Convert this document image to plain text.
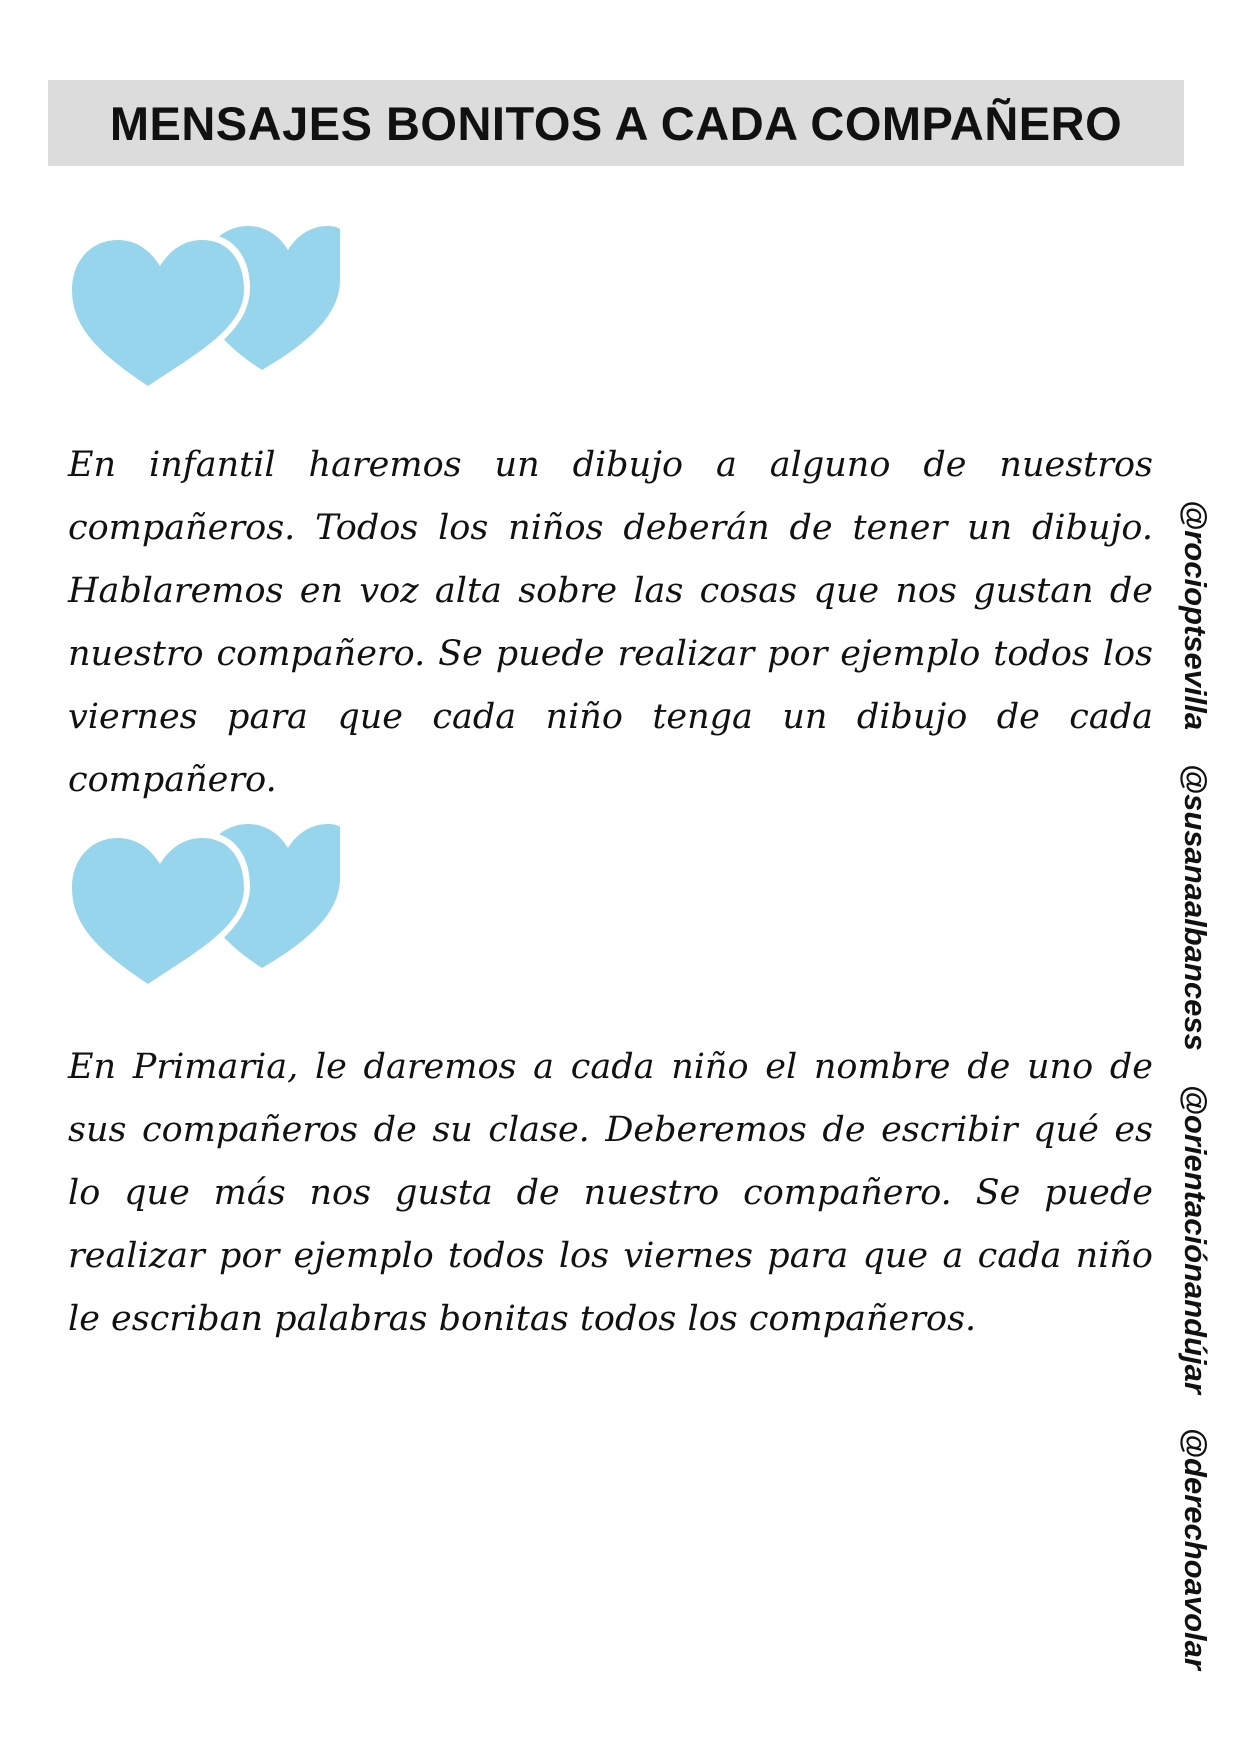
MENSAJES BONITOS A CADA COMPAÑERO

En infantil haremos un dibujo a alguno de nuestros compañeros. Todos los niños deberán de tener un dibujo. Hablaremos en voz alta sobre las cosas que nos gustan de nuestro compañero. Se puede realizar por ejemplo todos los viernes para que cada niño tenga un dibujo de cada compañero.

En Primaria, le daremos a cada niño el nombre de uno de sus compañeros de su clase. Deberemos de escribir qué es lo que más nos gusta de nuestro compañero. Se puede realizar por ejemplo todos los viernes para que a cada niño le escriban palabras bonitas todos los compañeros.

@rocioptsevilla
@susanaalbancess
@orientaciónandújar
@derechoavolar
